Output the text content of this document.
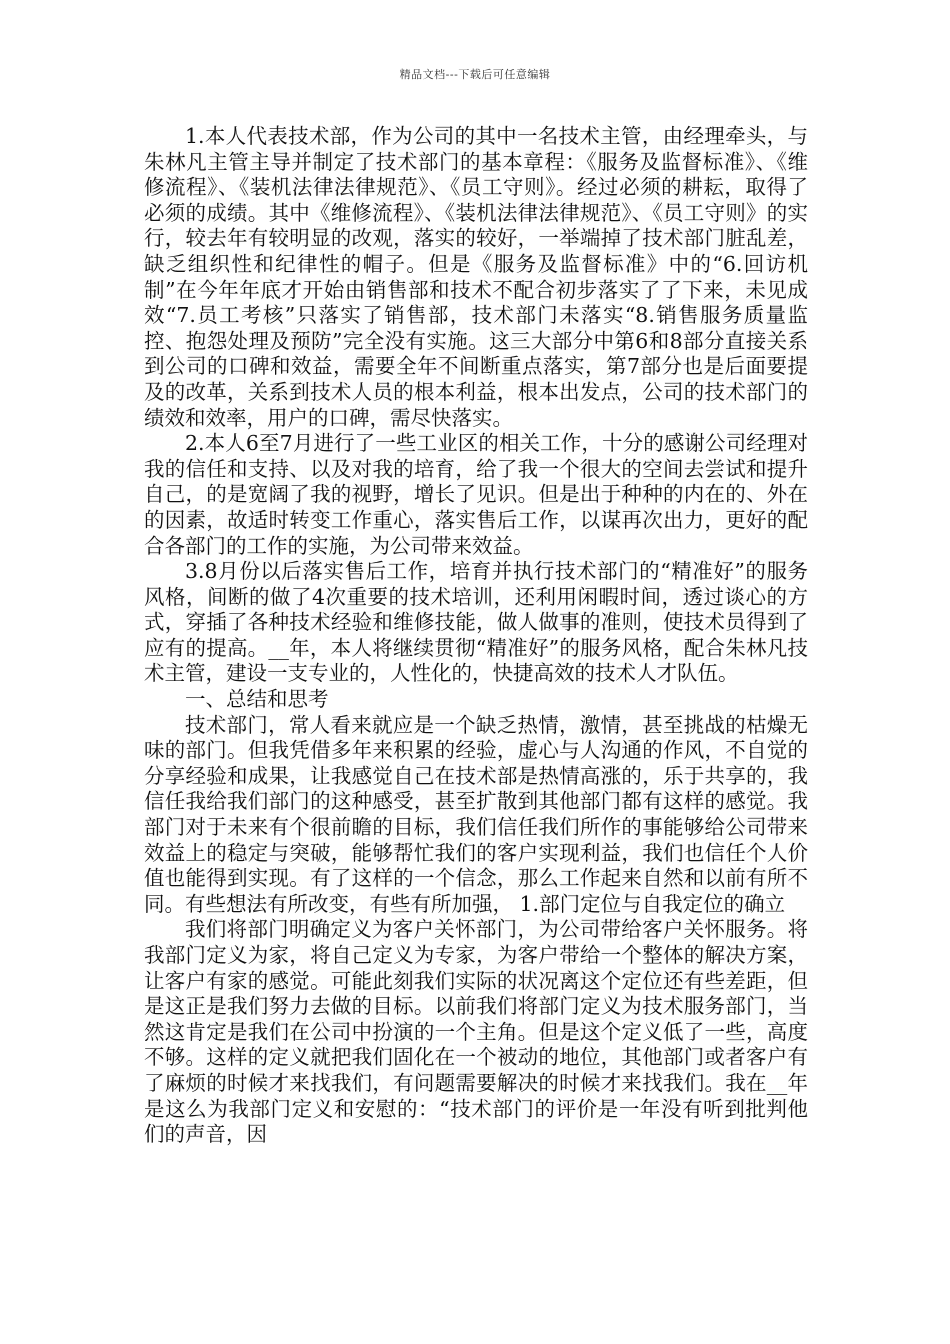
精品文档---下载后可任意编辑

1.本人代表技术部，作为公司的其中一名技术主管，由经理牵头，与朱林凡主管主导并制定了技术部门的基本章程：《服务及监督标准》、《维修流程》、《装机法律法律规范》、《员工守则》。经过必须的耕耘，取得了必须的成绩。其中《维修流程》、《装机法律法律规范》、《员工守则》的实行，较去年有较明显的改观，落实的较好，一举端掉了技术部门脏乱差，缺乏组织性和纪律性的帽子。但是《服务及监督标准》中的“6.回访机制”在今年年底才开始由销售部和技术不配合初步落实了了下来，未见成效“7.员工考核”只落实了销售部，技术部门未落实“8.销售服务质量监控、抱怨处理及预防”完全没有实施。这三大部分中第6和8部分直接关系到公司的口碑和效益，需要全年不间断重点落实，第7部分也是后面要提及的改革，关系到技术人员的根本利益，根本出发点，公司的技术部门的绩效和效率，用户的口碑，需尽快落实。

2.本人6至7月进行了一些工业区的相关工作，十分的感谢公司经理对我的信任和支持、以及对我的培育，给了我一个很大的空间去尝试和提升自己，的是宽阔了我的视野，增长了见识。但是出于种种的内在的、外在的因素，故适时转变工作重心，落实售后工作，以谋再次出力，更好的配合各部门的工作的实施，为公司带来效益。

3.8月份以后落实售后工作，培育并执行技术部门的“精准好”的服务风格，间断的做了4次重要的技术培训，还利用闲暇时间，透过谈心的方式，穿插了各种技术经验和维修技能，做人做事的准则，使技术员得到了应有的提高。__年，本人将继续贯彻“精准好”的服务风格，配合朱林凡技术主管，建设一支专业的，人性化的，快捷高效的技术人才队伍。

一、总结和思考

技术部门，常人看来就应是一个缺乏热情，激情，甚至挑战的枯燥无味的部门。但我凭借多年来积累的经验，虚心与人沟通的作风，不自觉的分享经验和成果，让我感觉自己在技术部是热情高涨的，乐于共享的，我信任我给我们部门的这种感受，甚至扩散到其他部门都有这样的感觉。我部门对于未来有个很前瞻的目标，我们信任我们所作的事能够给公司带来效益上的稳定与突破，能够帮忙我们的客户实现利益，我们也信任个人价值也能得到实现。有了这样的一个信念，那么工作起来自然和以前有所不同。有些想法有所改变，有些有所加强， 1.部门定位与自我定位的确立

我们将部门明确定义为客户关怀部门，为公司带给客户关怀服务。将我部门定义为家，将自己定义为专家，为客户带给一个整体的解决方案，让客户有家的感觉。可能此刻我们实际的状况离这个定位还有些差距，但是这正是我们努力去做的目标。以前我们将部门定义为技术服务部门，当然这肯定是我们在公司中扮演的一个主角。但是这个定义低了一些，高度不够。这样的定义就把我们固化在一个被动的地位，其他部门或者客户有了麻烦的时候才来找我们，有问题需要解决的时候才来找我们。我在__年是这么为我部门定义和安慰的：“技术部门的评价是一年没有听到批判他们的声音，因
